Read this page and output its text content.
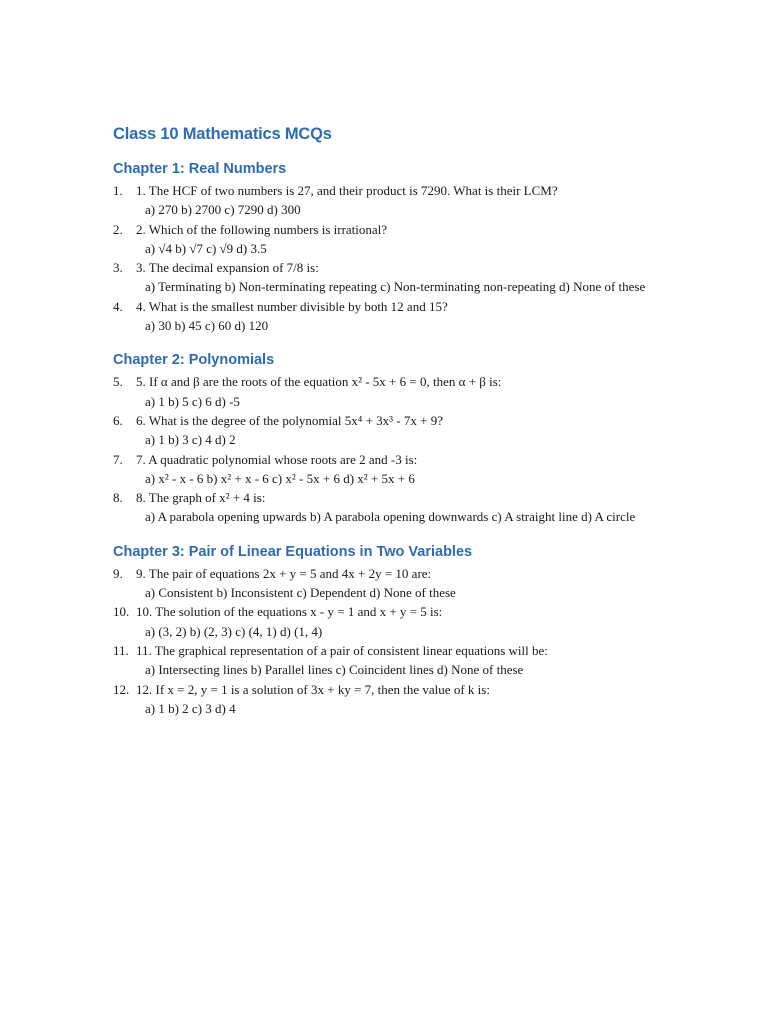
Class 10 Mathematics MCQs
Chapter 1: Real Numbers
1.	1. The HCF of two numbers is 27, and their product is 7290. What is their LCM?
a) 270 b) 2700 c) 7290 d) 300
2.	2. Which of the following numbers is irrational?
a) √4 b) √7 c) √9 d) 3.5
3.	3. The decimal expansion of 7/8 is:
a) Terminating b) Non-terminating repeating c) Non-terminating non-repeating d) None of these
4.	4. What is the smallest number divisible by both 12 and 15?
a) 30 b) 45 c) 60 d) 120
Chapter 2: Polynomials
5.	5. If α and β are the roots of the equation x² - 5x + 6 = 0, then α + β is:
a) 1 b) 5 c) 6 d) -5
6.	6. What is the degree of the polynomial 5x⁴ + 3x³ - 7x + 9?
a) 1 b) 3 c) 4 d) 2
7.	7. A quadratic polynomial whose roots are 2 and -3 is:
a) x² - x - 6 b) x² + x - 6 c) x² - 5x + 6 d) x² + 5x + 6
8.	8. The graph of x² + 4 is:
a) A parabola opening upwards b) A parabola opening downwards c) A straight line d) A circle
Chapter 3: Pair of Linear Equations in Two Variables
9.	9. The pair of equations 2x + y = 5 and 4x + 2y = 10 are:
a) Consistent b) Inconsistent c) Dependent d) None of these
10. 10. The solution of the equations x - y = 1 and x + y = 5 is:
a) (3, 2) b) (2, 3) c) (4, 1) d) (1, 4)
11. 11. The graphical representation of a pair of consistent linear equations will be:
a) Intersecting lines b) Parallel lines c) Coincident lines d) None of these
12. 12. If x = 2, y = 1 is a solution of 3x + ky = 7, then the value of k is:
a) 1 b) 2 c) 3 d) 4
